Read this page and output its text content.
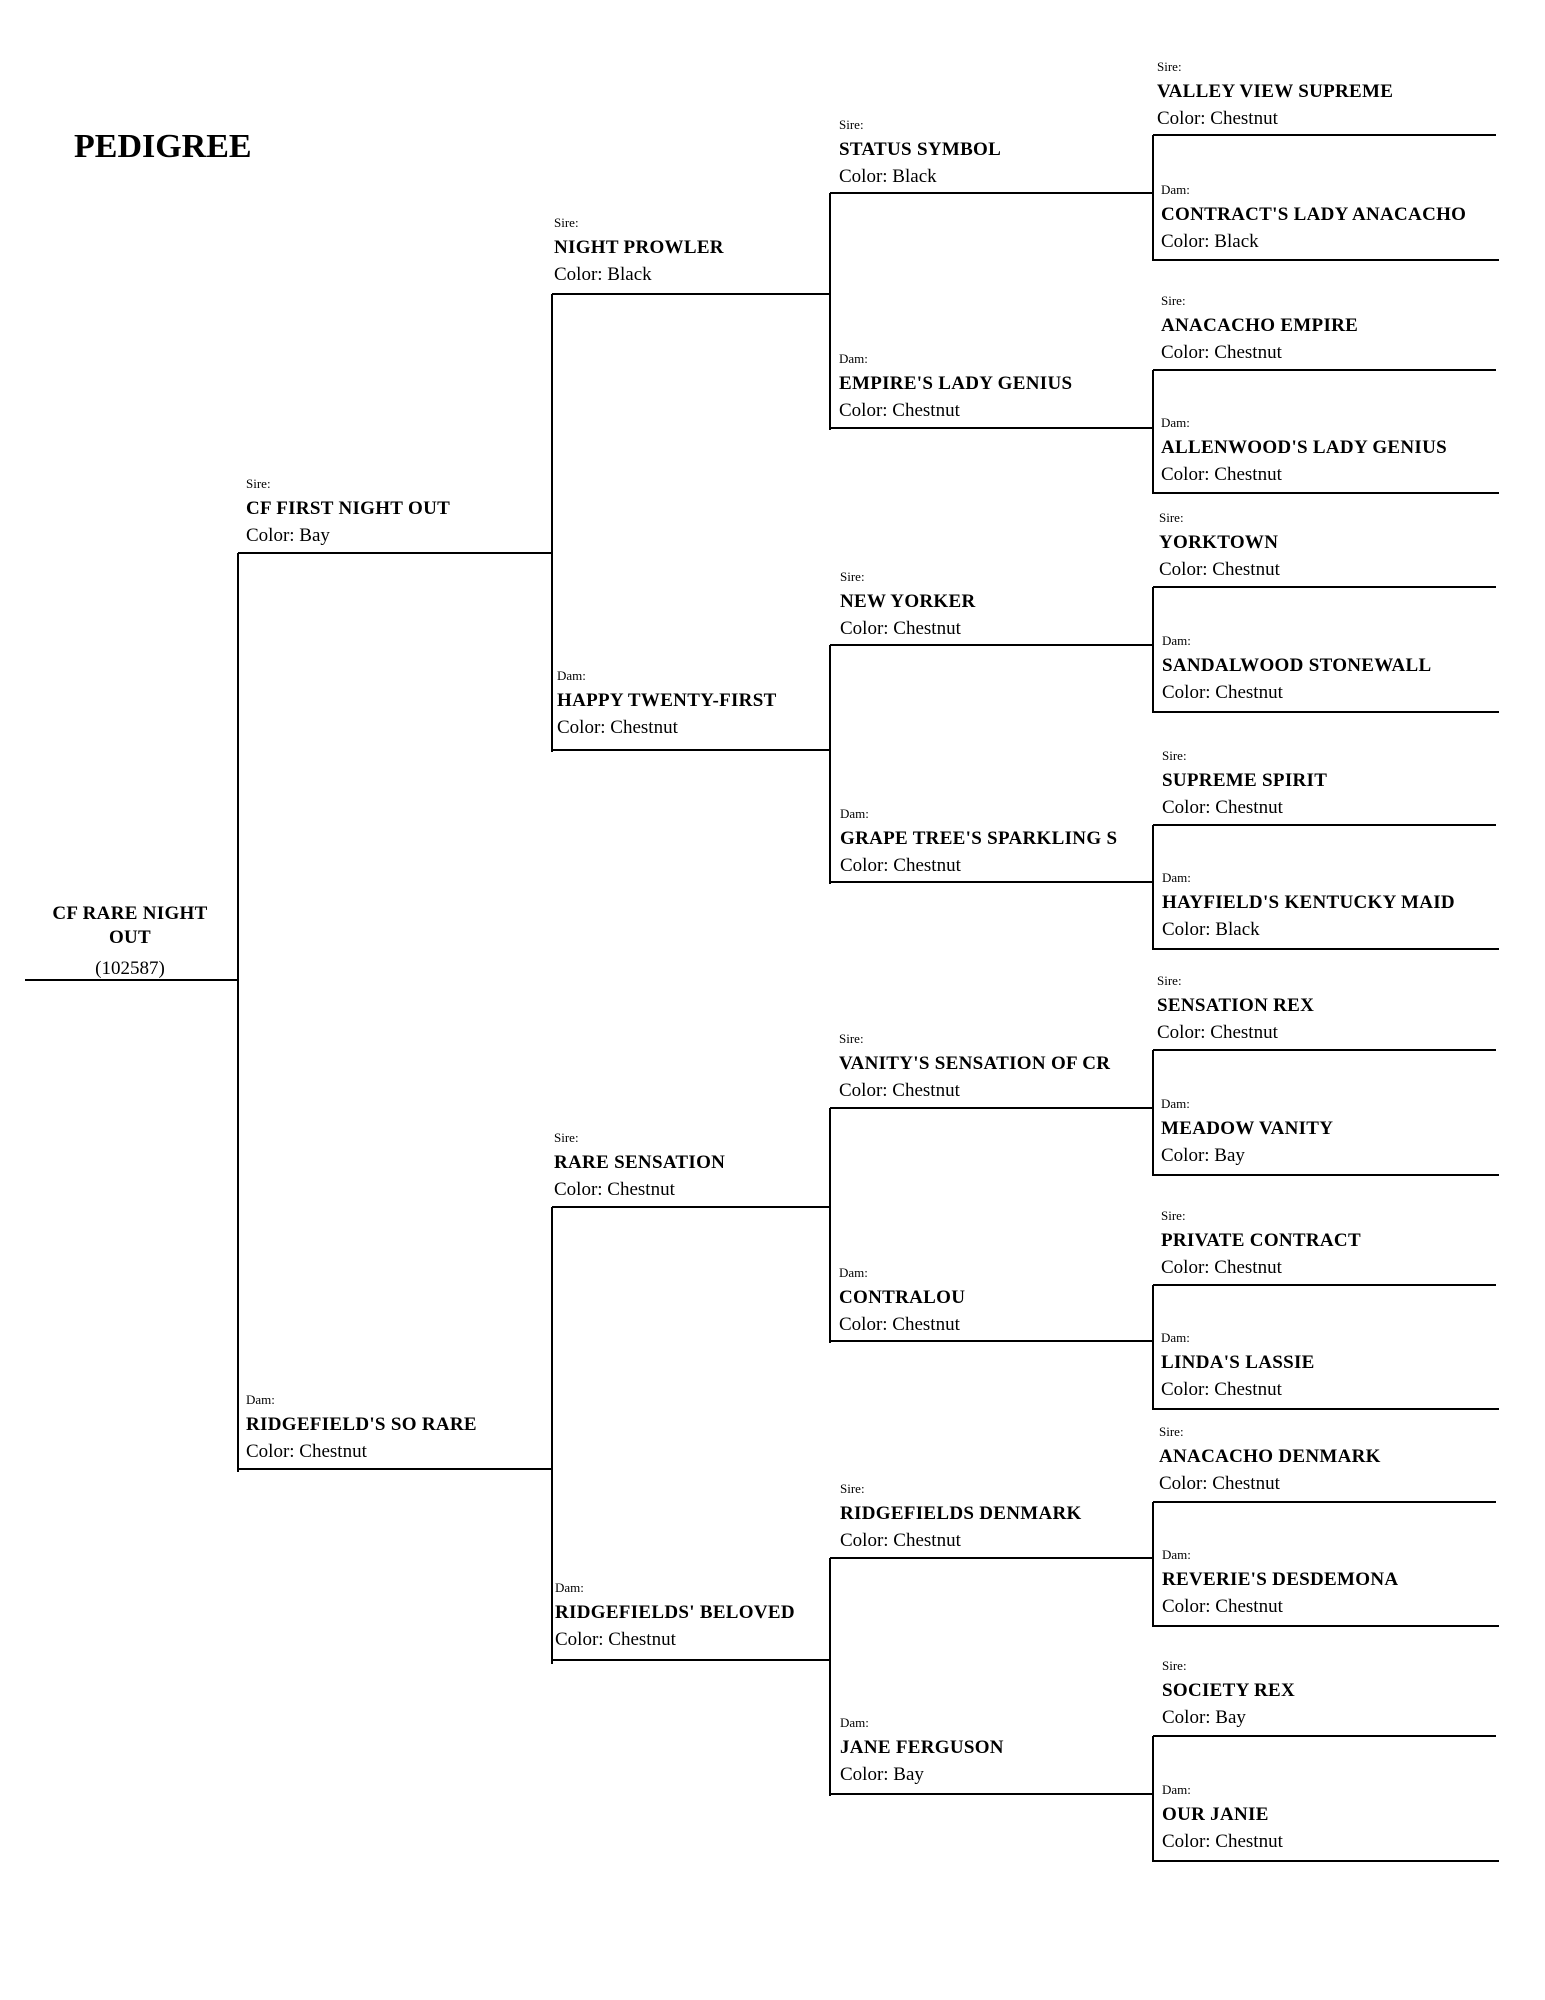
PEDIGREE
CF RARE NIGHT OUT
(102587)
Sire:
CF FIRST NIGHT OUT
Color: Bay
Dam:
RIDGEFIELD'S SO RARE
Color: Chestnut
Sire:
NIGHT PROWLER
Color: Black
Dam:
HAPPY TWENTY-FIRST
Color: Chestnut
Sire:
RARE SENSATION
Color: Chestnut
Dam:
RIDGEFIELDS' BELOVED
Color: Chestnut
Sire:
STATUS SYMBOL
Color: Black
Dam:
EMPIRE'S LADY GENIUS
Color: Chestnut
Sire:
NEW YORKER
Color: Chestnut
Dam:
GRAPE TREE'S SPARKLING S
Color: Chestnut
Sire:
VANITY'S SENSATION OF CR
Color: Chestnut
Dam:
CONTRALOU
Color: Chestnut
Sire:
RIDGEFIELDS DENMARK
Color: Chestnut
Dam:
JANE FERGUSON
Color: Bay
Sire:
VALLEY VIEW SUPREME
Color: Chestnut
Dam:
CONTRACT'S LADY ANACACHO
Color: Black
Sire:
ANACACHO EMPIRE
Color: Chestnut
Dam:
ALLENWOOD'S LADY GENIUS
Color: Chestnut
Sire:
YORKTOWN
Color: Chestnut
Dam:
SANDALWOOD STONEWALL
Color: Chestnut
Sire:
SUPREME SPIRIT
Color: Chestnut
Dam:
HAYFIELD'S KENTUCKY MAID
Color: Black
Sire:
SENSATION REX
Color: Chestnut
Dam:
MEADOW VANITY
Color: Bay
Sire:
PRIVATE CONTRACT
Color: Chestnut
Dam:
LINDA'S LASSIE
Color: Chestnut
Sire:
ANACACHO DENMARK
Color: Chestnut
Dam:
REVERIE'S DESDEMONA
Color: Chestnut
Sire:
SOCIETY REX
Color: Bay
Dam:
OUR JANIE
Color: Chestnut
